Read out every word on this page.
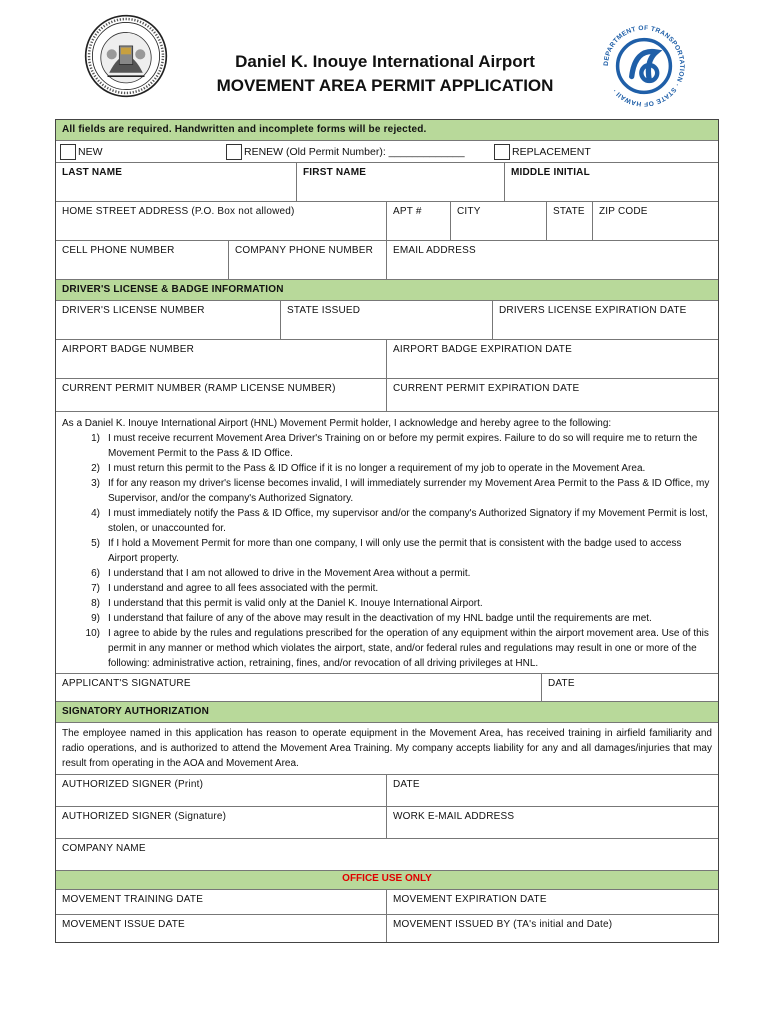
DEPARTMENT OF TRANSPORTATION · STATE OF HAWAII ·
Daniel K. Inouye International Airport
MOVEMENT AREA PERMIT APPLICATION
All fields are required. Handwritten and incomplete forms will be rejected.
NEW	RENEW (Old Permit Number): _____________	REPLACEMENT
LAST NAME	FIRST NAME	MIDDLE INITIAL
HOME STREET ADDRESS (P.O. Box not allowed)	APT #	CITY	STATE	ZIP CODE
CELL PHONE NUMBER	COMPANY PHONE NUMBER	EMAIL ADDRESS
DRIVER'S LICENSE & BADGE INFORMATION
DRIVER'S LICENSE NUMBER	STATE ISSUED	DRIVERS LICENSE EXPIRATION DATE
AIRPORT BADGE NUMBER	AIRPORT BADGE EXPIRATION DATE
CURRENT PERMIT NUMBER (RAMP LICENSE NUMBER)	CURRENT PERMIT EXPIRATION DATE
As a Daniel K. Inouye International Airport (HNL) Movement Permit holder, I acknowledge and hereby agree to the following:
1) I must receive recurrent Movement Area Driver's Training on or before my permit expires. Failure to do so will require me to return the Movement Permit to the Pass & ID Office.
2) I must return this permit to the Pass & ID Office if it is no longer a requirement of my job to operate in the Movement Area.
3) If for any reason my driver's license becomes invalid, I will immediately surrender my Movement Area Permit to the Pass & ID Office, my Supervisor, and/or the company's Authorized Signatory.
4) I must immediately notify the Pass & ID Office, my supervisor and/or the company's Authorized Signatory if my Movement Permit is lost, stolen, or unaccounted for.
5) If I hold a Movement Permit for more than one company, I will only use the permit that is consistent with the badge used to access Airport property.
6) I understand that I am not allowed to drive in the Movement Area without a permit.
7) I understand and agree to all fees associated with the permit.
8) I understand that this permit is valid only at the Daniel K. Inouye International Airport.
9) I understand that failure of any of the above may result in the deactivation of my HNL badge until the requirements are met.
10) I agree to abide by the rules and regulations prescribed for the operation of any equipment within the airport movement area. Use of this permit in any manner or method which violates the airport, state, and/or federal rules and regulations may result in one or more of the following: administrative action, retraining, fines, and/or revocation of all driving privileges at HNL.
APPLICANT'S SIGNATURE	DATE
SIGNATORY AUTHORIZATION
The employee named in this application has reason to operate equipment in the Movement Area, has received training in airfield familiarity and radio operations, and is authorized to attend the Movement Area Training. My company accepts liability for any and all damages/injuries that may result from operating in the AOA and Movement Area.
AUTHORIZED SIGNER (Print)	DATE
AUTHORIZED SIGNER (Signature)	WORK E-MAIL ADDRESS
COMPANY NAME
OFFICE USE ONLY
MOVEMENT TRAINING DATE	MOVEMENT EXPIRATION DATE
MOVEMENT ISSUE DATE	MOVEMENT ISSUED BY (TA's initial and Date)
